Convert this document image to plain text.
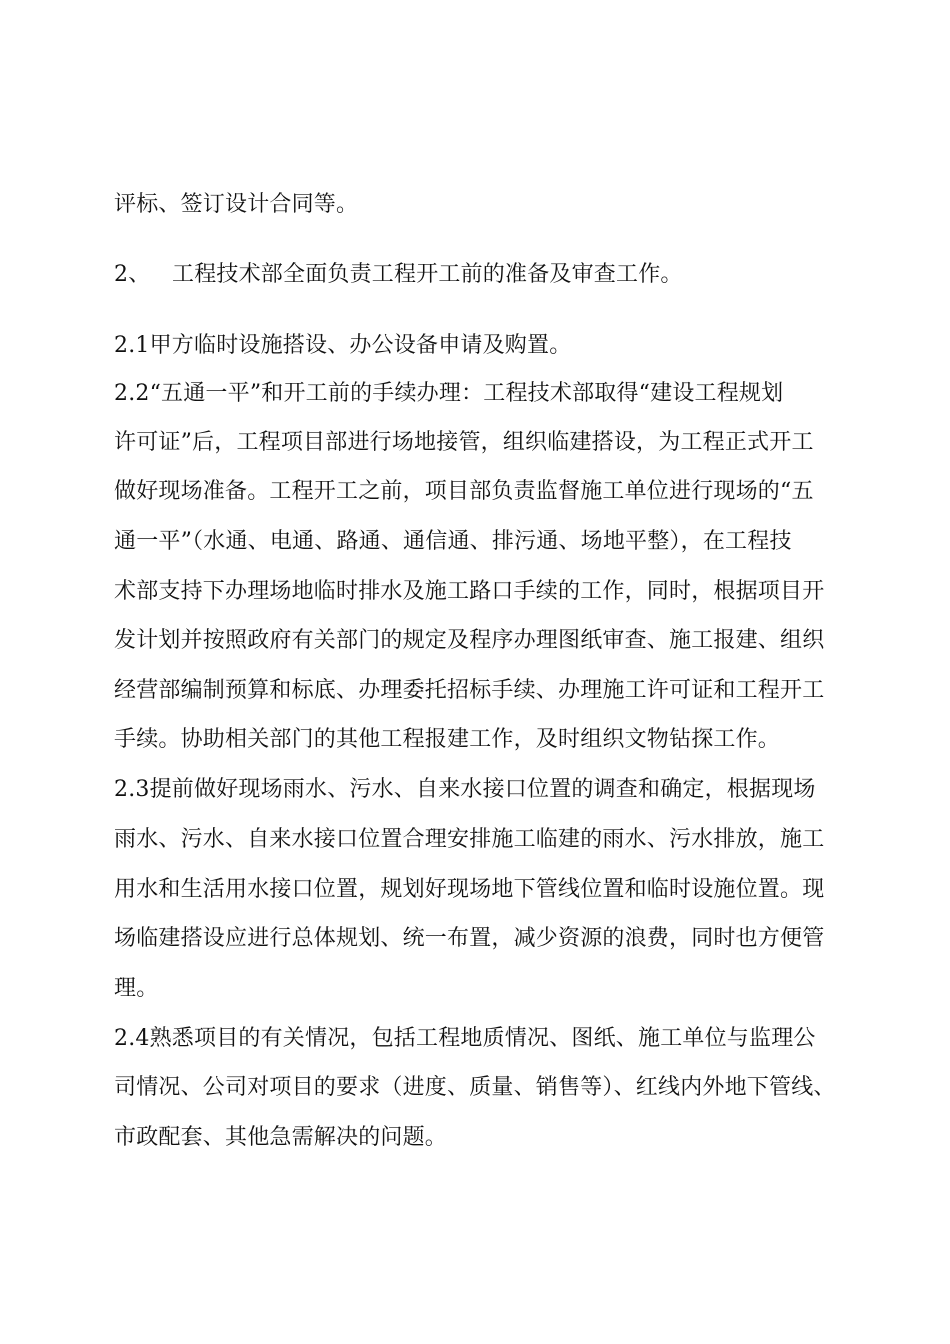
评标、签订设计合同等。
2、 工程技术部全面负责工程开工前的准备及审查工作。
2.1甲方临时设施搭设、办公设备申请及购置。
2.2“五通一平”和开工前的手续办理：工程技术部取得“建设工程规划
许可证”后，工程项目部进行场地接管，组织临建搭设，为工程正式开工
做好现场准备。工程开工之前，项目部负责监督施工单位进行现场的“五
通一平”（水通、电通、路通、通信通、排污通、场地平整），在工程技
术部支持下办理场地临时排水及施工路口手续的工作，同时，根据项目开
发计划并按照政府有关部门的规定及程序办理图纸审查、施工报建、组织
经营部编制预算和标底、办理委托招标手续、办理施工许可证和工程开工
手续。协助相关部门的其他工程报建工作，及时组织文物钻探工作。
2.3提前做好现场雨水、污水、自来水接口位置的调查和确定，根据现场
雨水、污水、自来水接口位置合理安排施工临建的雨水、污水排放，施工
用水和生活用水接口位置，规划好现场地下管线位置和临时设施位置。现
场临建搭设应进行总体规划、统一布置，减少资源的浪费，同时也方便管
理。
2.4熟悉项目的有关情况，包括工程地质情况、图纸、施工单位与监理公
司情况、公司对项目的要求（进度、质量、销售等）、红线内外地下管线、
市政配套、其他急需解决的问题。
